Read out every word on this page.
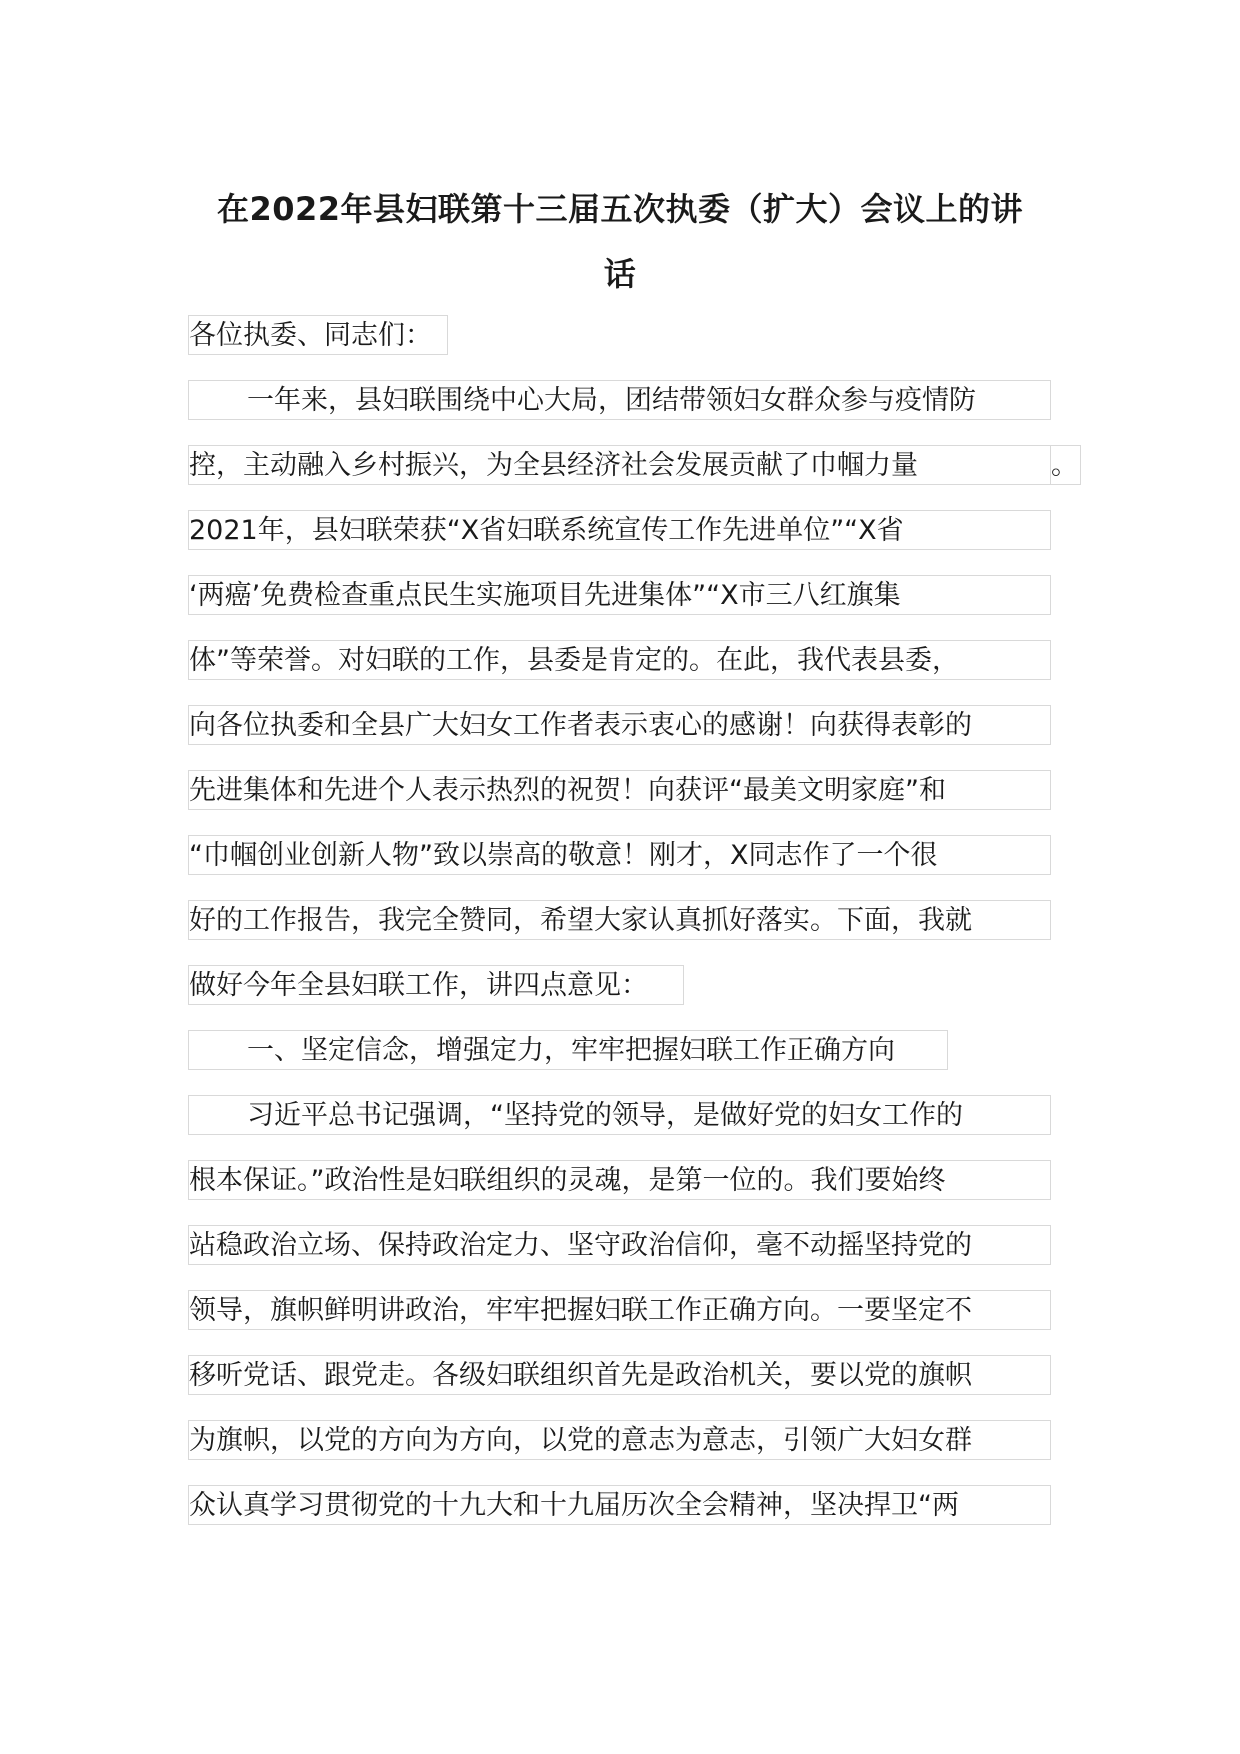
在2022年县妇联第十三届五次执委（扩大）会议上的讲
话
各位执委、同志们：
一年来，县妇联围绕中心大局，团结带领妇女群众参与疫情防
控，主动融入乡村振兴，为全县经济社会发展贡献了巾帼力量	。
2021年，县妇联荣获“X省妇联系统宣传工作先进单位”“X省
‘两癌’免费检查重点民生实施项目先进集体”“X市三八红旗集
体”等荣誉。对妇联的工作，县委是肯定的。在此，我代表县委，
向各位执委和全县广大妇女工作者表示衷心的感谢！向获得表彰的
先进集体和先进个人表示热烈的祝贺！向获评“最美文明家庭”和
“巾帼创业创新人物”致以崇高的敬意！刚才，X同志作了一个很
好的工作报告，我完全赞同，希望大家认真抓好落实。下面，我就
做好今年全县妇联工作，讲四点意见：
一、坚定信念，增强定力，牢牢把握妇联工作正确方向
习近平总书记强调，“坚持党的领导，是做好党的妇女工作的
根本保证。”政治性是妇联组织的灵魂，是第一位的。我们要始终
站稳政治立场、保持政治定力、坚守政治信仰，毫不动摇坚持党的
领导，旗帜鲜明讲政治，牢牢把握妇联工作正确方向。一要坚定不
移听党话、跟党走。各级妇联组织首先是政治机关，要以党的旗帜
为旗帜，以党的方向为方向，以党的意志为意志，引领广大妇女群
众认真学习贯彻党的十九大和十九届历次全会精神，坚决捍卫“两
